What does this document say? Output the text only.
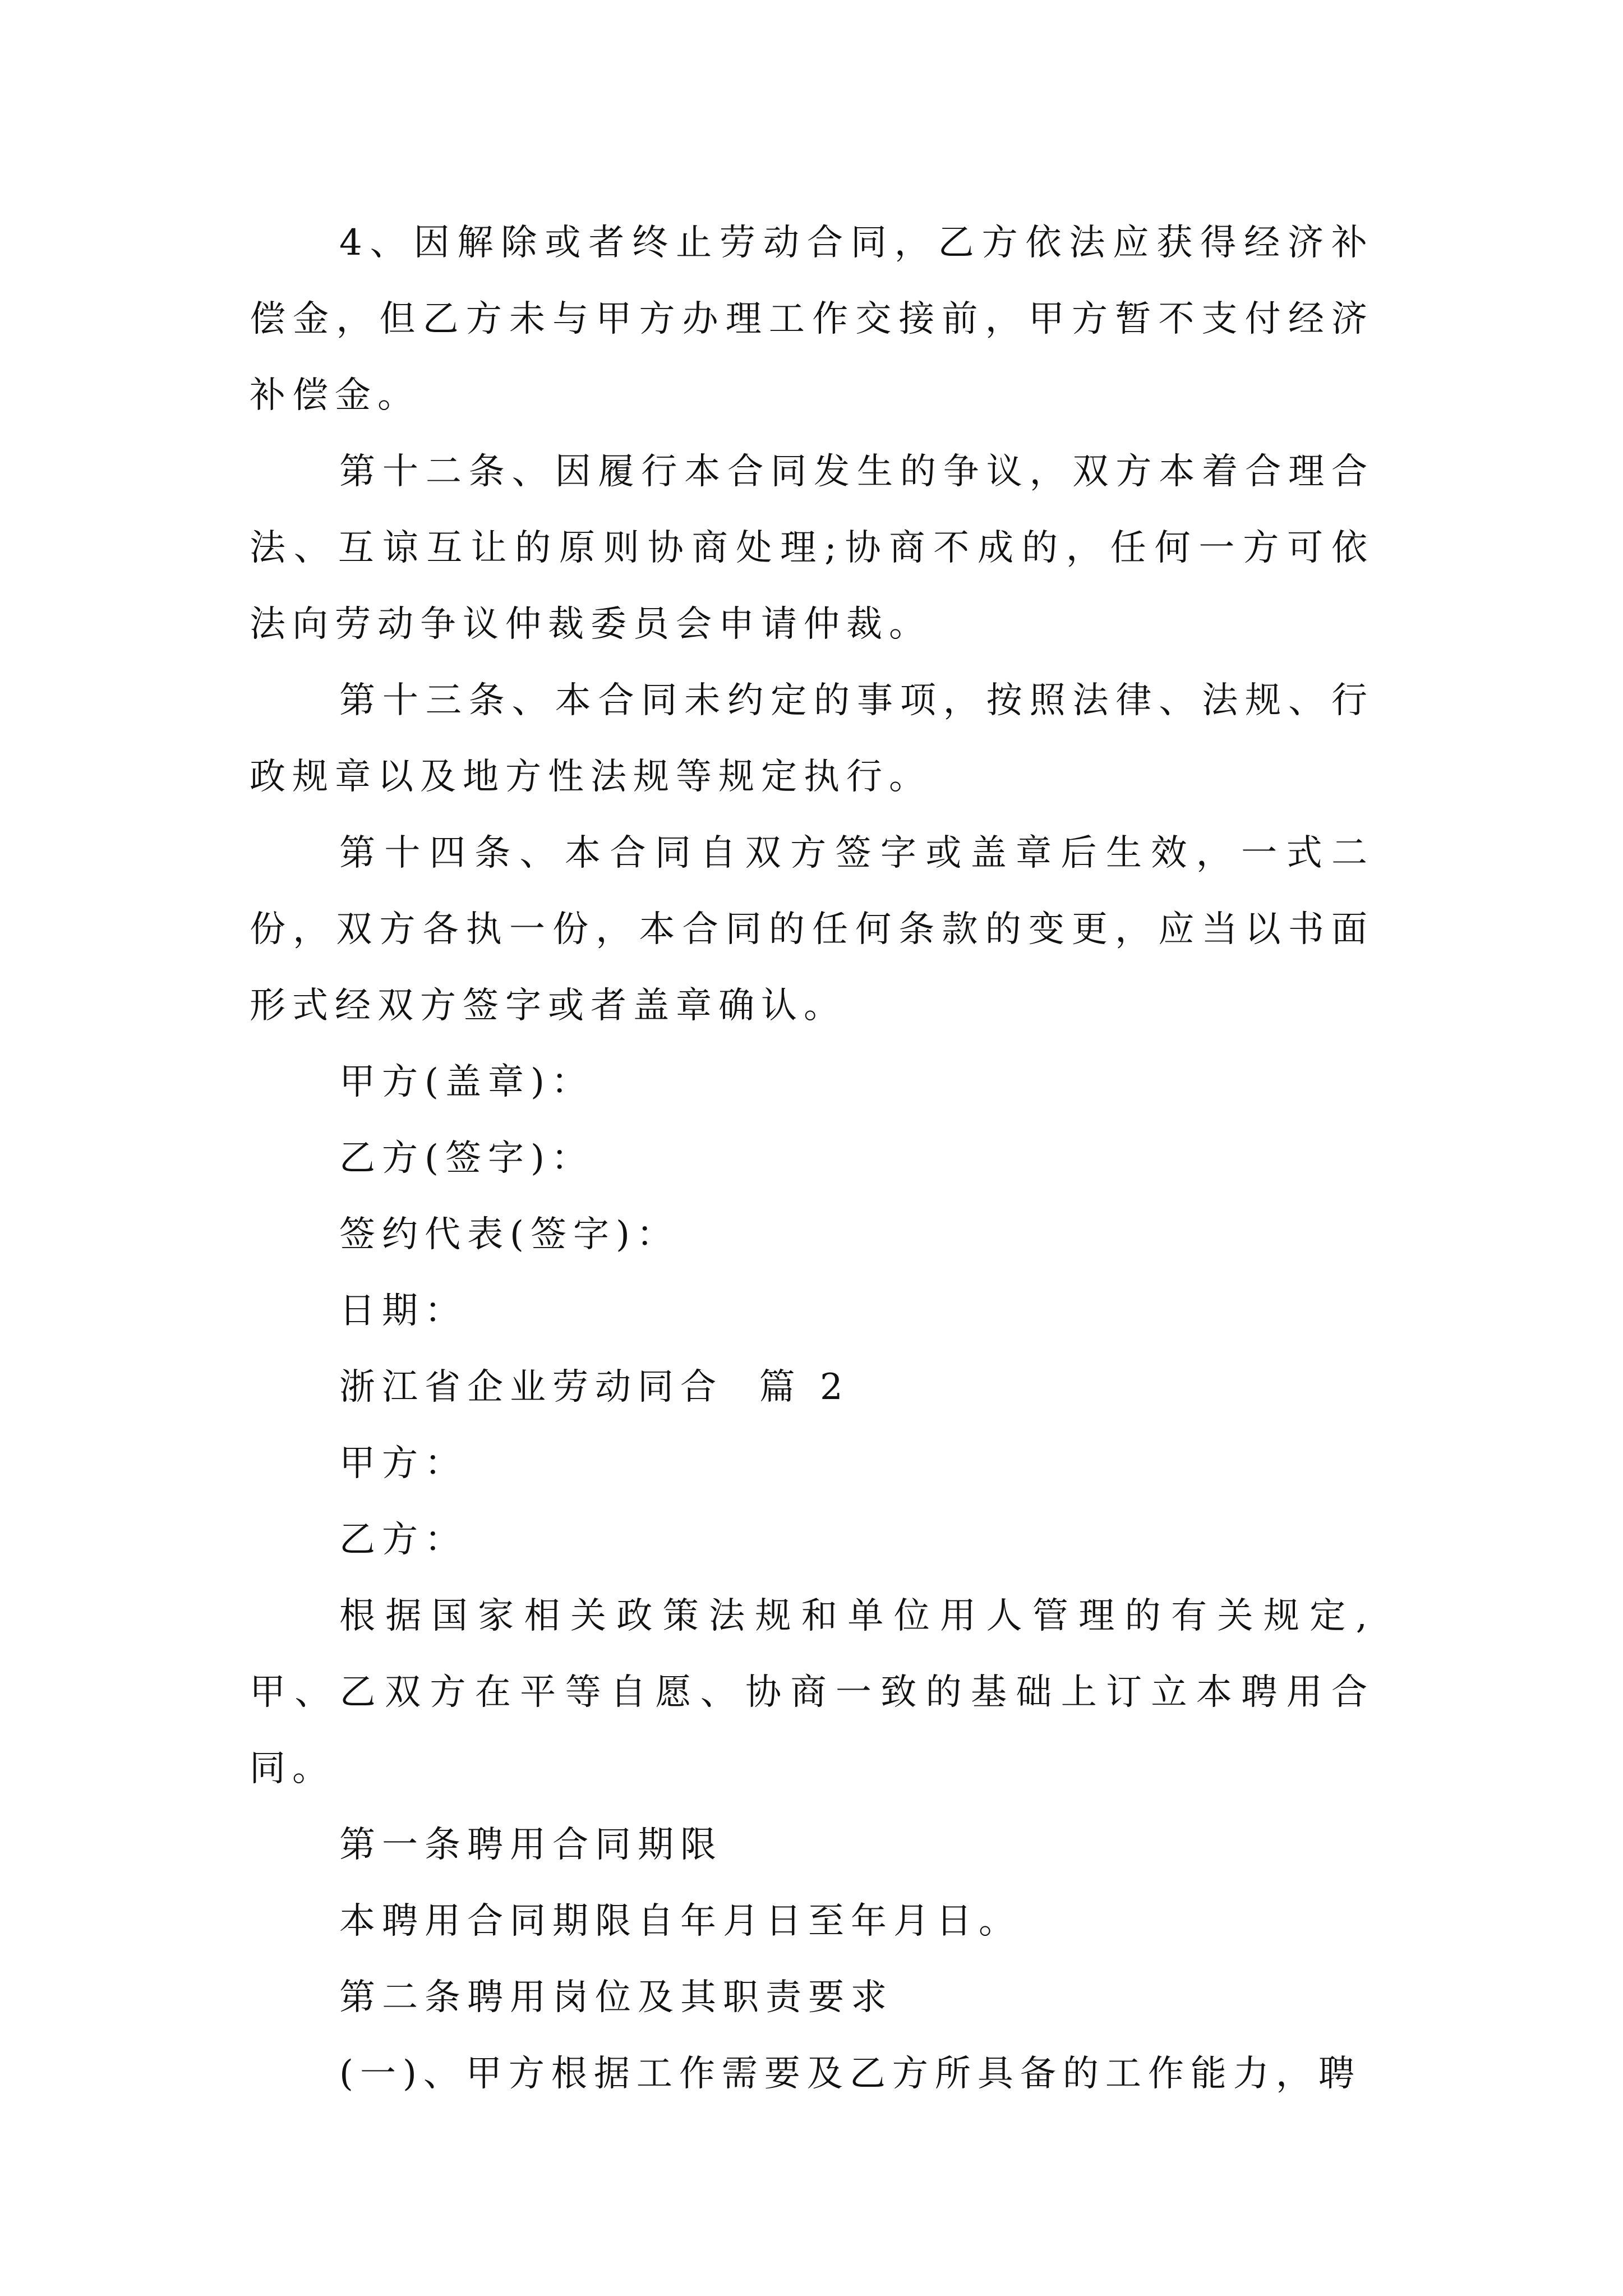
4、因解除或者终止劳动合同，乙方依法应获得经济补偿金，但乙方未与甲方办理工作交接前，甲方暂不支付经济补偿金。

第十二条、因履行本合同发生的争议，双方本着合理合法、互谅互让的原则协商处理;协商不成的，任何一方可依法向劳动争议仲裁委员会申请仲裁。

第十三条、本合同未约定的事项，按照法律、法规、行政规章以及地方性法规等规定执行。

第十四条、本合同自双方签字或盖章后生效，一式二份，双方各执一份，本合同的任何条款的变更，应当以书面形式经双方签字或者盖章确认。

甲方(盖章)：

乙方(签字)：

签约代表(签字)：

日期：

浙江省企业劳动同合  篇 2

甲方：

乙方：

根据国家相关政策法规和单位用人管理的有关规定,甲、乙双方在平等自愿、协商一致的基础上订立本聘用合同。

第一条聘用合同期限

本聘用合同期限自年月日至年月日。

第二条聘用岗位及其职责要求

(一)、甲方根据工作需要及乙方所具备的工作能力，聘
